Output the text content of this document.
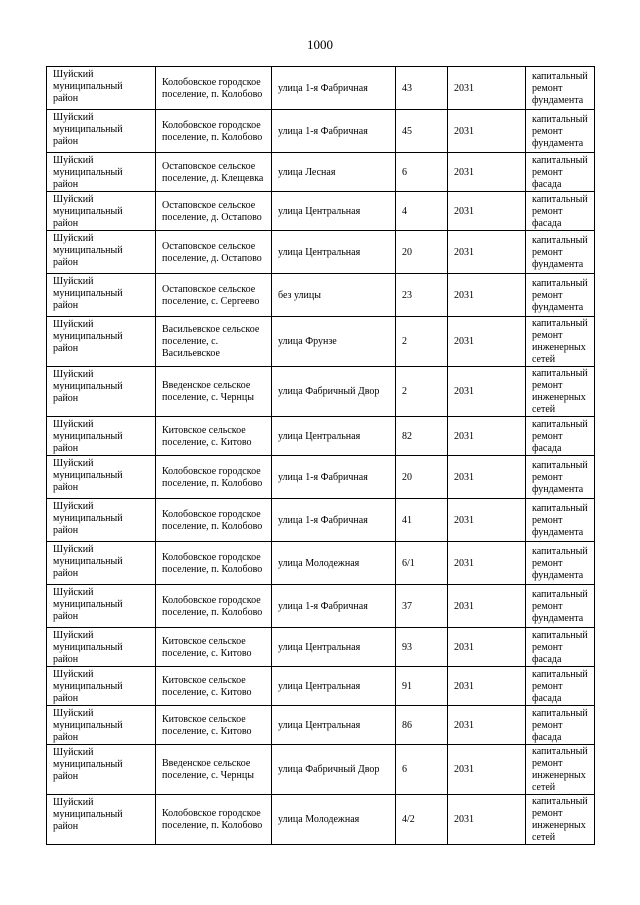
1000
Шуйский муниципальный район	Колобовское городское поселение, п. Колобово	улица 1-я Фабричная	43	2031	капитальный ремонт фундамента
Шуйский муниципальный район	Колобовское городское поселение, п. Колобово	улица 1-я Фабричная	45	2031	капитальный ремонт фундамента
Шуйский муниципальный район	Остаповское сельское поселение, д. Клещевка	улица Лесная	6	2031	капитальный ремонт фасада
Шуйский муниципальный район	Остаповское сельское поселение, д. Остапово	улица Центральная	4	2031	капитальный ремонт фасада
Шуйский муниципальный район	Остаповское сельское поселение, д. Остапово	улица Центральная	20	2031	капитальный ремонт фундамента
Шуйский муниципальный район	Остаповское сельское поселение, с. Сергеево	без улицы	23	2031	капитальный ремонт фундамента
Шуйский муниципальный район	Васильевское сельское поселение, с. Васильевское	улица Фрунзе	2	2031	капитальный ремонт инженерных сетей
Шуйский муниципальный район	Введенское сельское поселение, с. Чернцы	улица Фабричный Двор	2	2031	капитальный ремонт инженерных сетей
Шуйский муниципальный район	Китовское сельское поселение, с. Китово	улица Центральная	82	2031	капитальный ремонт фасада
Шуйский муниципальный район	Колобовское городское поселение, п. Колобово	улица 1-я Фабричная	20	2031	капитальный ремонт фундамента
Шуйский муниципальный район	Колобовское городское поселение, п. Колобово	улица 1-я Фабричная	41	2031	капитальный ремонт фундамента
Шуйский муниципальный район	Колобовское городское поселение, п. Колобово	улица Молодежная	6/1	2031	капитальный ремонт фундамента
Шуйский муниципальный район	Колобовское городское поселение, п. Колобово	улица 1-я Фабричная	37	2031	капитальный ремонт фундамента
Шуйский муниципальный район	Китовское сельское поселение, с. Китово	улица Центральная	93	2031	капитальный ремонт фасада
Шуйский муниципальный район	Китовское сельское поселение, с. Китово	улица Центральная	91	2031	капитальный ремонт фасада
Шуйский муниципальный район	Китовское сельское поселение, с. Китово	улица Центральная	86	2031	капитальный ремонт фасада
Шуйский муниципальный район	Введенское сельское поселение, с. Чернцы	улица Фабричный Двор	6	2031	капитальный ремонт инженерных сетей
Шуйский муниципальный район	Колобовское городское поселение, п. Колобово	улица Молодежная	4/2	2031	капитальный ремонт инженерных сетей
